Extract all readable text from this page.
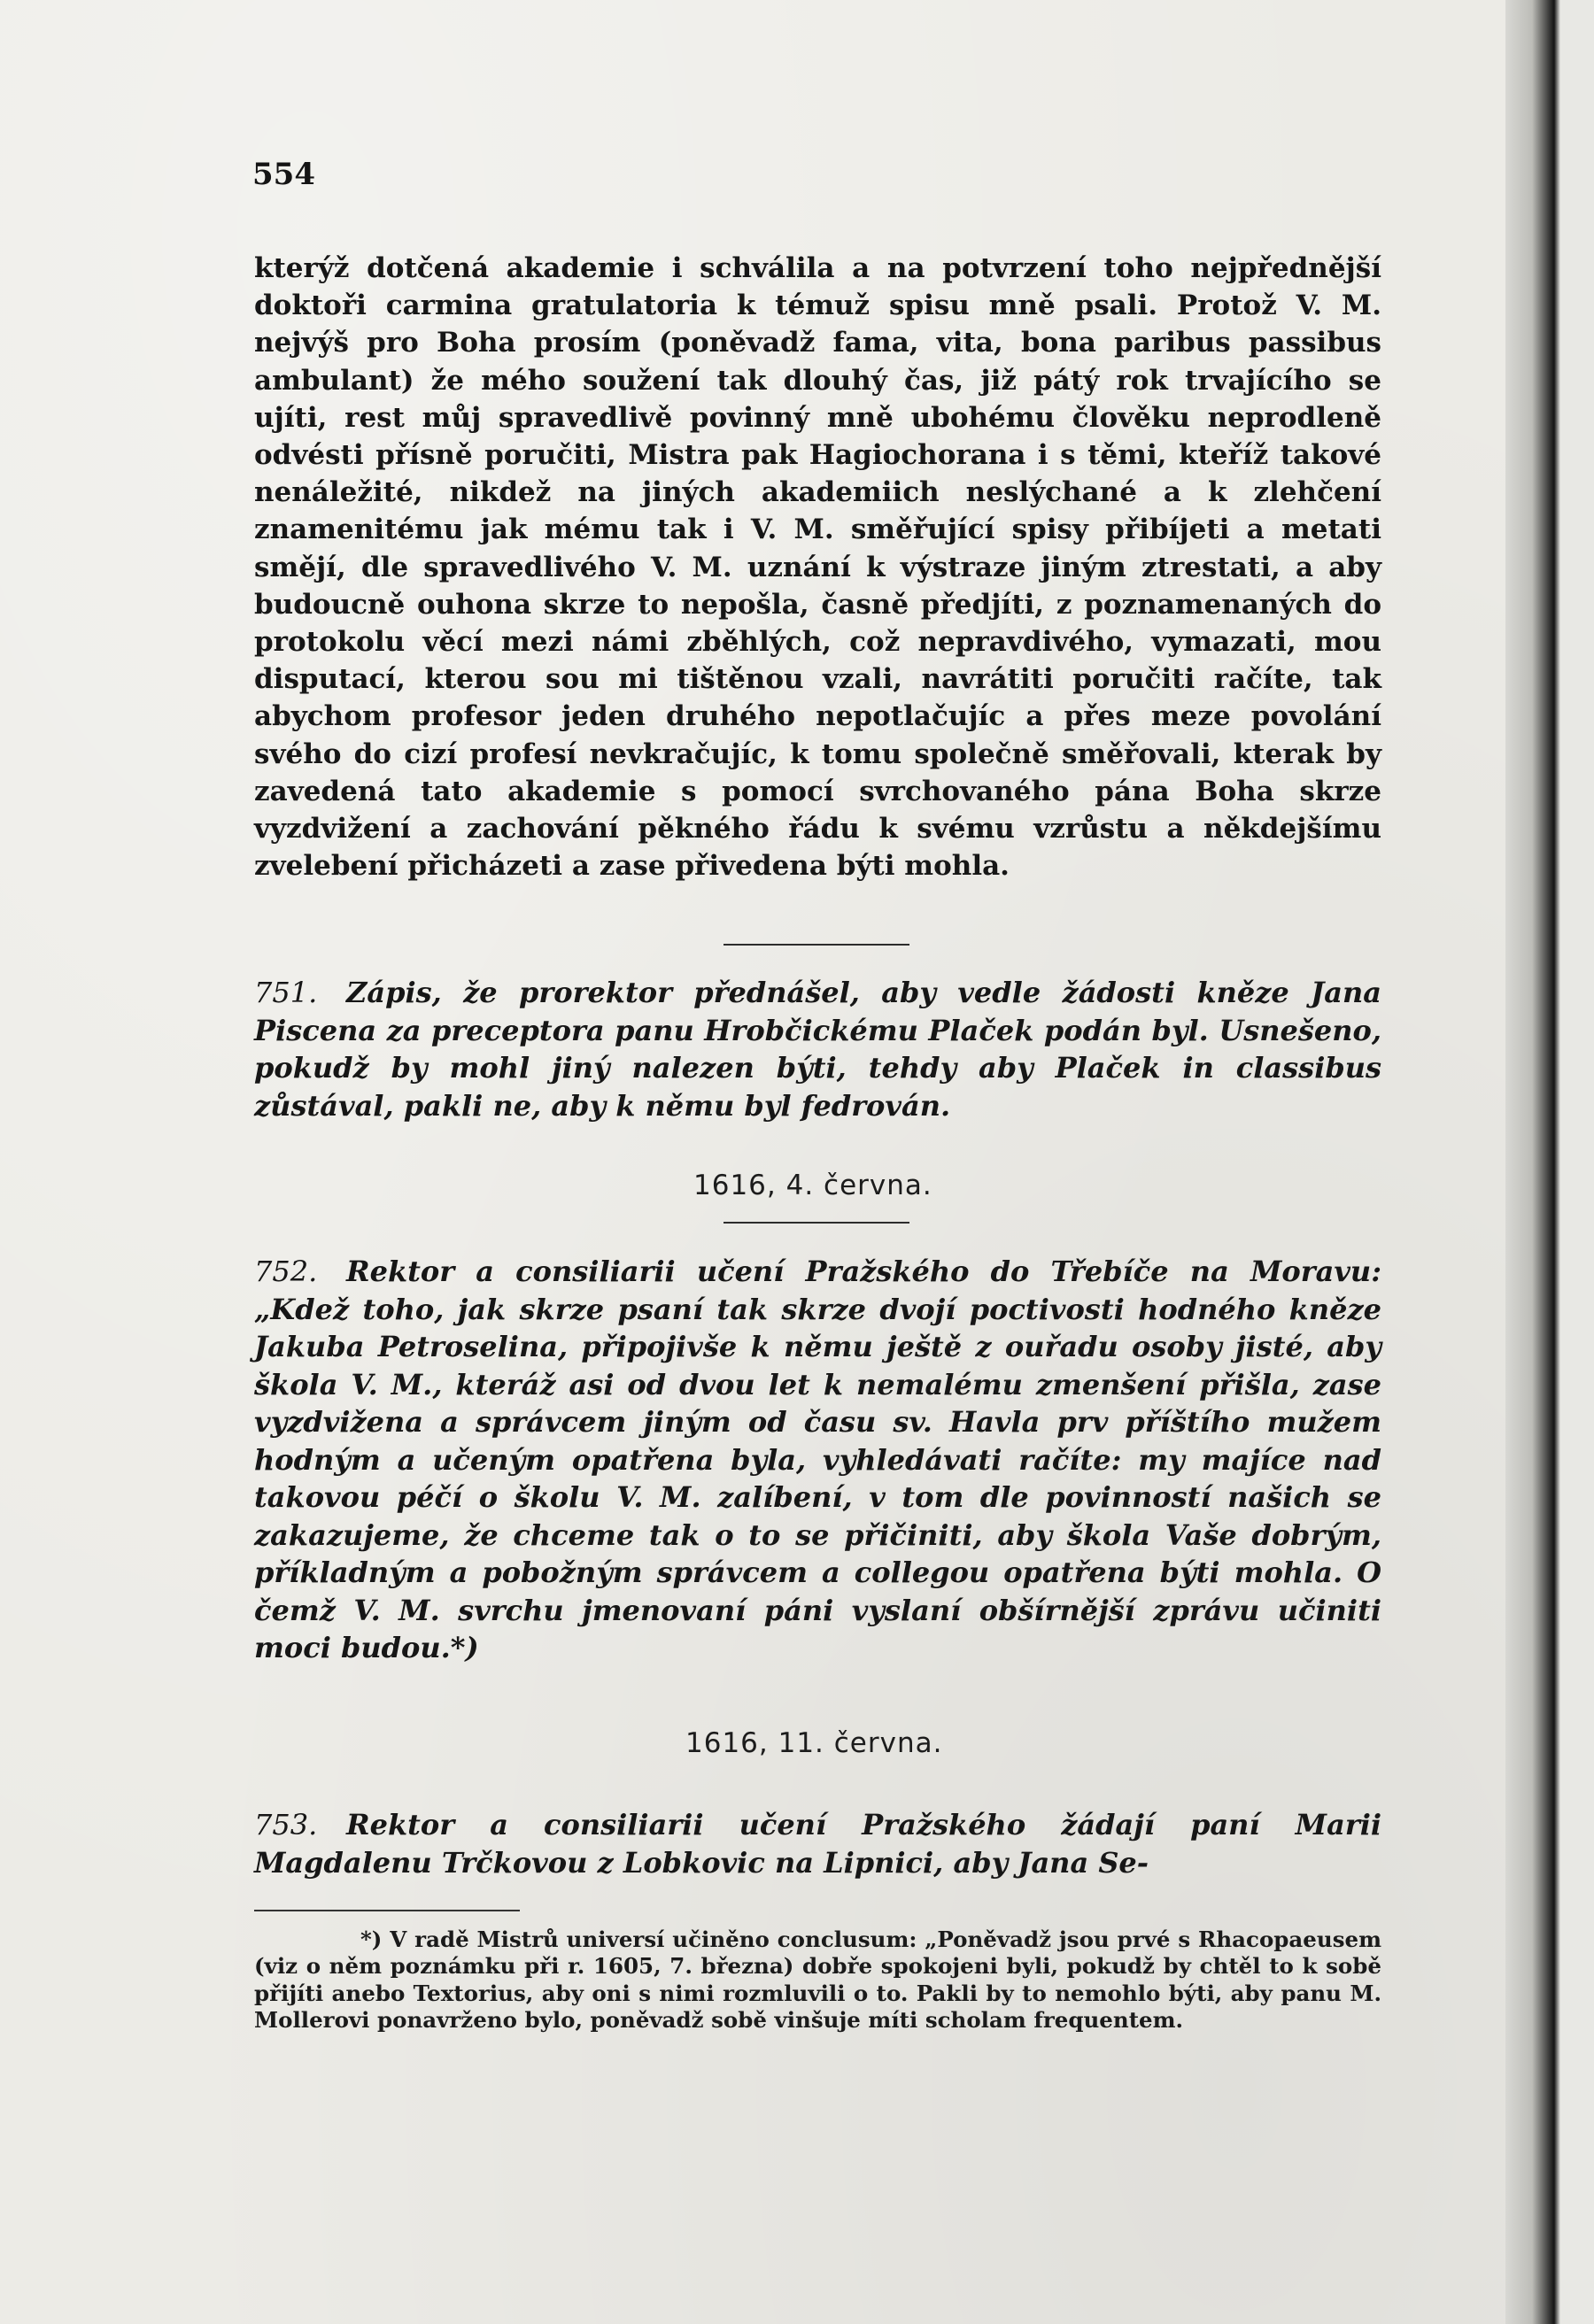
554
kterýž dotčená akademie i schválila a na potvrzení toho nejpřednější doktoři carmina gratulatoria k témuž spisu mně psali. Protož V. M. nejvýš pro Boha prosím (poněvadž fama, vita, bona paribus passibus ambulant) že mého soužení tak dlouhý čas, již pátý rok trvajícího se ujíti, rest můj spravedlivě povinný mně ubohému člověku neprodleně odvésti přísně poručiti, Mistra pak Hagiochorana i s těmi, kteříž takové nenáležité, nikdež na jiných akademiich neslýchané a k zlehčení znamenitému jak mému tak i V. M. směřující spisy přibíjeti a metati smějí, dle spravedlivého V. M. uznání k výstraze jiným ztrestati, a aby budoucně ouhona skrze to nepošla, časně předjíti, z poznamenaných do protokolu věcí mezi námi zběhlých, což nepravdivého, vymazati, mou disputací, kterou sou mi tištěnou vzali, navrátiti poručiti račíte, tak abychom profesor jeden druhého nepotlačujíc a přes meze povolání svého do cizí profesí nevkračujíc, k tomu společně směřovali, kterak by zavedená tato akademie s pomocí svrchovaného pána Boha skrze vyzdvižení a zachování pěkného řádu k svému vzrůstu a někdejšímu zvelebení přicházeti a zase přivedena býti mohla.
751. Zápis, že prorektor přednášel, aby vedle žádosti kněze Jana Piscena za preceptora panu Hrobčickému Plaček podán byl. Usnešeno, pokudž by mohl jiný nalezen býti, tehdy aby Plaček in classibus zůstával, pakli ne, aby k němu byl fedrován.
1616, 4. června.
752. Rektor a consiliarii učení Pražského do Třebíče na Moravu: „Kdež toho, jak skrze psaní tak skrze dvojí poctivosti hodného kněze Jakuba Petroselina, připojivše k němu ještě z ouřadu osoby jisté, aby škola V. M., kteráž asi od dvou let k nemalému zmenšení přišla, zase vyzdvižena a správcem jiným od času sv. Havla prv příštího mužem hodným a učeným opatřena byla, vyhledávati račíte: my majíce nad takovou péčí o školu V. M. zalíbení, v tom dle povinností našich se zakazujeme, že chceme tak o to se přičiniti, aby škola Vaše dobrým, příkladným a pobožným správcem a collegou opatřena býti mohla. O čemž V. M. svrchu jmenovaní páni vyslaní obšírnější zprávu učiniti moci budou.*)
1616, 11. června.
753. Rektor a consiliarii učení Pražského žádají paní Marii Magdalenu Trčkovou z Lobkovic na Lipnici, aby Jana Se-
*) V radě Mistrů universí učiněno conclusum: „Poněvadž jsou prvé s Rhacopaeusem (viz o něm poznámku při r. 1605, 7. března) dobře spokojeni byli, pokudž by chtěl to k sobě přijíti anebo Textorius, aby oni s nimi rozmluvili o to. Pakli by to nemohlo býti, aby panu M. Mollerovi ponavrženo bylo, poněvadž sobě vinšuje míti scholam frequentem.
